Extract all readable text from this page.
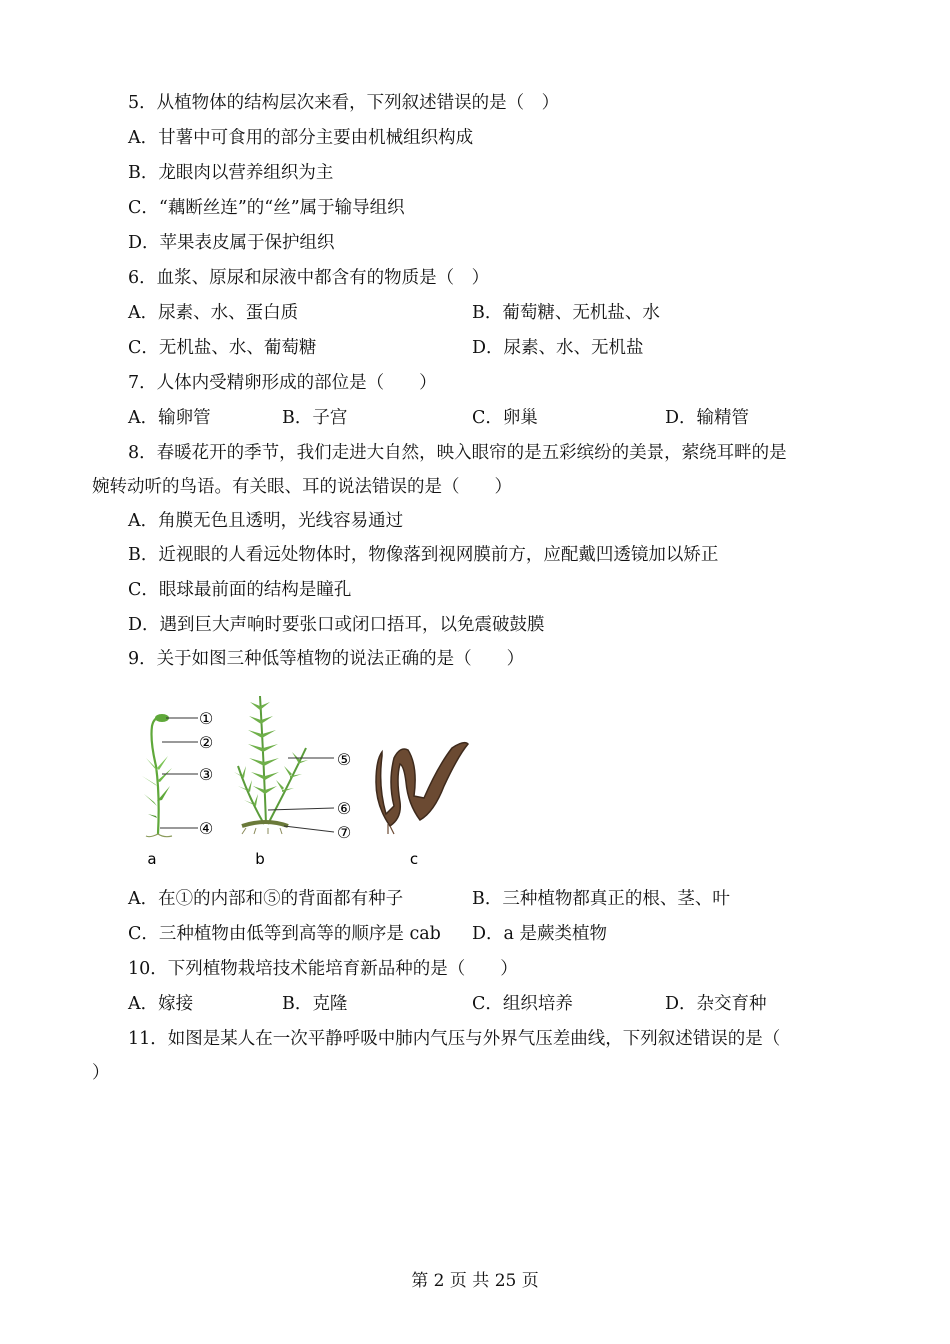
5．从植物体的结构层次来看，下列叙述错误的是（　）
A．甘薯中可食用的部分主要由机械组织构成
B．龙眼肉以营养组织为主
C．“藕断丝连”的“丝”属于输导组织
D．苹果表皮属于保护组织
6．血浆、原尿和尿液中都含有的物质是（　）
A．尿素、水、蛋白质	B．葡萄糖、无机盐、水
C．无机盐、水、葡萄糖	D．尿素、水、无机盐
7．人体内受精卵形成的部位是（　　）
A．输卵管	B．子宫	C．卵巢	D．输精管
8．春暖花开的季节，我们走进大自然，映入眼帘的是五彩缤纷的美景，萦绕耳畔的是
婉转动听的鸟语。有关眼、耳的说法错误的是（　　）
A．角膜无色且透明，光线容易通过
B．近视眼的人看远处物体时，物像落到视网膜前方，应配戴凹透镜加以矫正
C．眼球最前面的结构是瞳孔
D．遇到巨大声响时要张口或闭口捂耳，以免震破鼓膜
9．关于如图三种低等植物的说法正确的是（　　）
①
②
③
④
⑤
⑥
⑦
a	b	c
A．在①的内部和⑤的背面都有种子	B．三种植物都真正的根、茎、叶
C．三种植物由低等到高等的顺序是 cab D．a 是蕨类植物
10．下列植物栽培技术能培育新品种的是（　　）
A．嫁接	B．克隆	C．组织培养	D．杂交育种
11．如图是某人在一次平静呼吸中肺内气压与外界气压差曲线，下列叙述错误的是（
）
第 2 页 共 25 页
